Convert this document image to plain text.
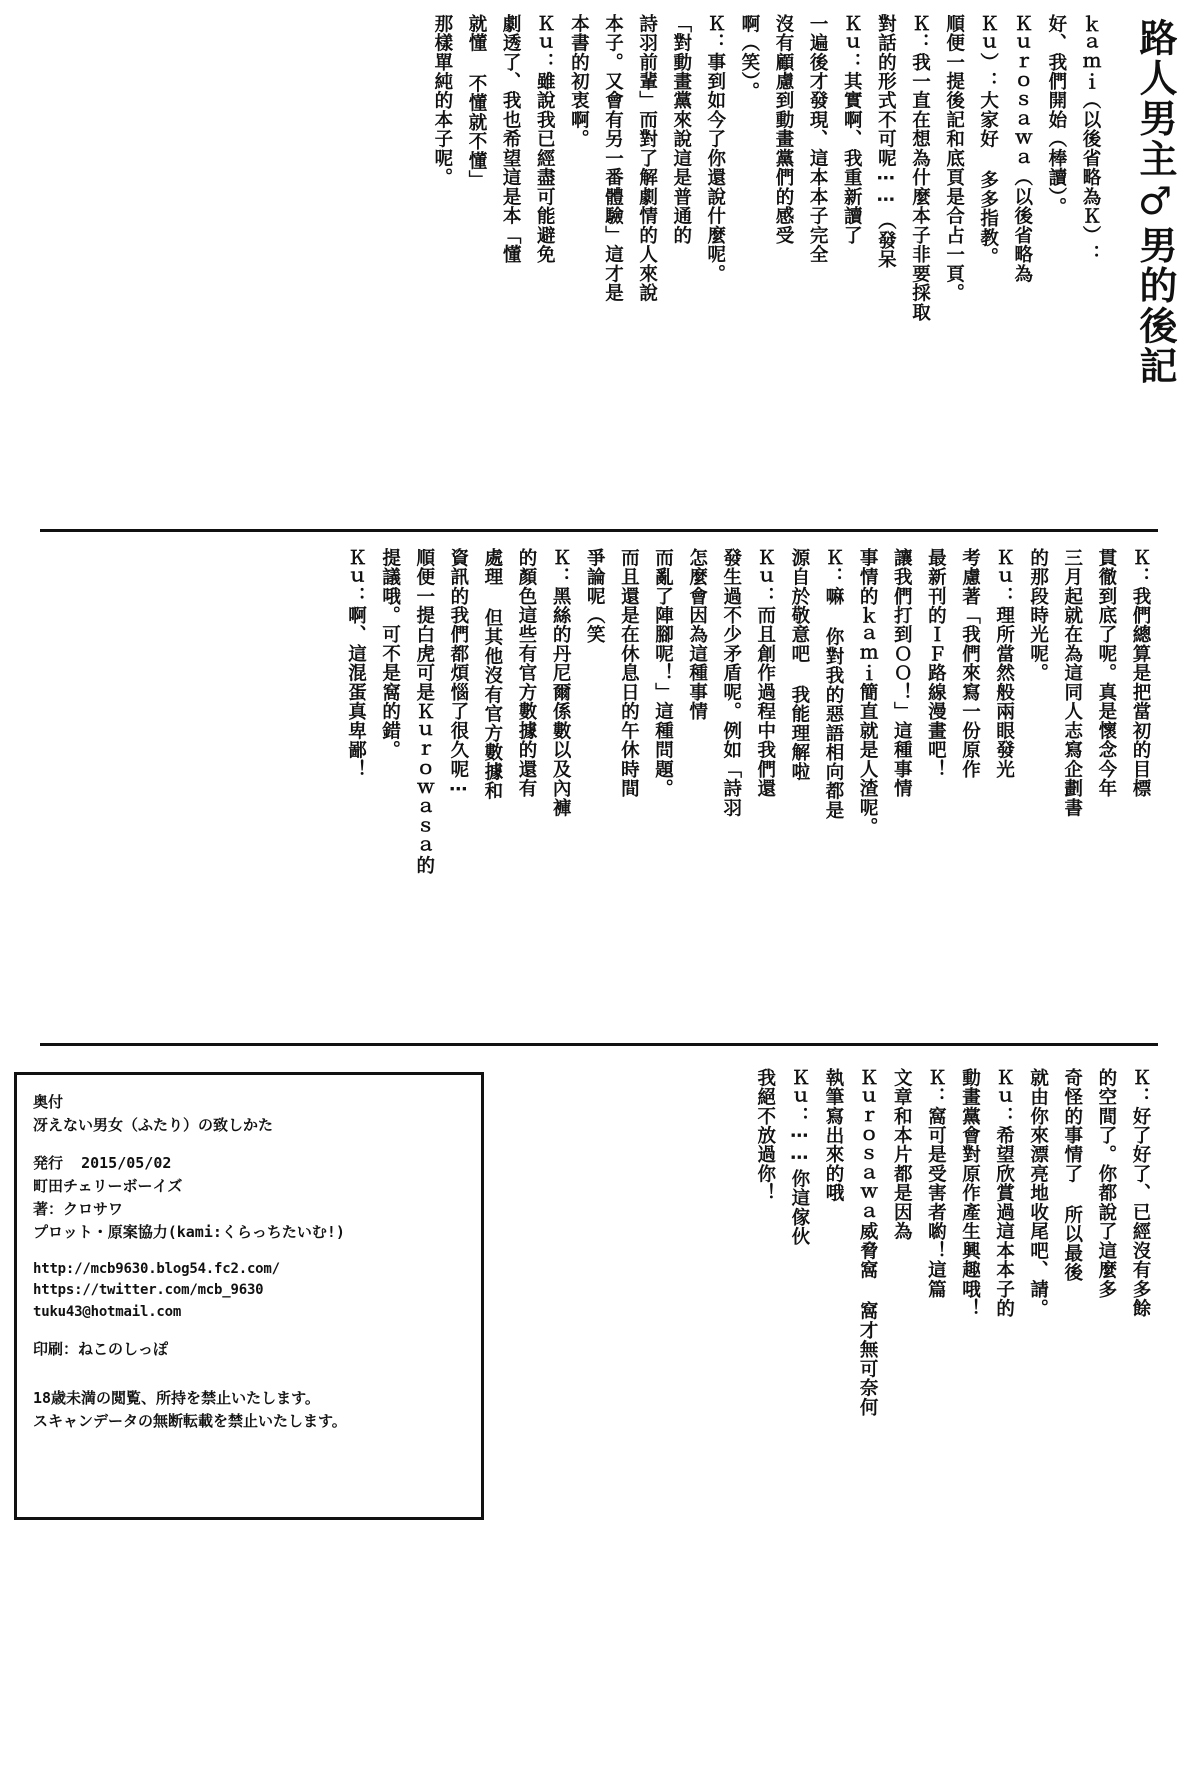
路人男主♂男的後記
ｋａｍｉ（以後省略為Ｋ）：
好、我們開始（棒讀）。
Ｋｕｒｏｓａｗａ（以後省略為
Ｋｕ）：大家好 多多指教。
順便一提後記和底頁是合占一頁。
Ｋ：我一直在想為什麼本子非要採取
對話的形式不可呢⋯⋯（發呆
Ｋｕ：其實啊、我重新讀了
一遍後才發現、這本本子完全
沒有顧慮到動畫黨們的感受
啊（笑）。
Ｋ：事到如今了你還說什麼呢。
「對動畫黨來說這是普通的
詩羽前輩」而對了解劇情的人來說
本子。又會有另一番體驗」這才是
本書的初衷啊。
Ｋｕ：雖說我已經盡可能避免
劇透了、我也希望這是本「懂
就懂 不懂就不懂」
那樣單純的本子呢。
Ｋ：我們總算是把當初的目標
貫徹到底了呢。真是懷念今年
三月起就在為這同人志寫企劃書
的那段時光呢。
Ｋｕ：理所當然般兩眼發光
考慮著「我們來寫一份原作
最新刊的ＩＦ路線漫畫吧！
讓我們打到ＯＯ！」這種事情
事情的ｋａｍｉ簡直就是人渣呢。
Ｋ：嘛 你對我的惡語相向都是
源自於敬意吧 我能理解啦
Ｋｕ：而且創作過程中我們還
發生過不少矛盾呢。例如「詩羽
怎麼會因為這種事情
而亂了陣腳呢！」這種問題。
而且還是在休息日的午休時間
爭論呢（笑
Ｋ：黑絲的丹尼爾係數以及內褲
的顏色這些有官方數據的還有
處理 但其他沒有官方數據和
資訊的我們都煩惱了很久呢⋯
順便一提白虎可是Ｋｕｒｏｗａｓａ的
提議哦。可不是窩的錯。
Ｋｕ：啊、這混蛋真卑鄙！
Ｋ：好了好了、已經沒有多餘
的空間了。你都說了這麼多
奇怪的事情了 所以最後
就由你來漂亮地收尾吧、請。
Ｋｕ：希望欣賞過這本本子的
動畫黨會對原作產生興趣哦！
Ｋ：窩可是受害者喲！這篇
文章和本片都是因為
Ｋｕｒｏｓａｗａ威脅窩 窩才無可奈何
執筆寫出來的哦
Ｋｕ：⋯⋯你這傢伙
我絕不放過你！
奥付
冴えない男女（ふたり）の致しかた
発行 2015/05/02
町田チェリーボーイズ
著：クロサワ
プロット・原案協力(kami:くらっちたいむ!)
http://mcb9630.blog54.fc2.com/
https://twitter.com/mcb_9630
tuku43@hotmail.com
印刷：ねこのしっぽ
18歳未満の閲覧、所持を禁止いたします。
スキャンデータの無断転載を禁止いたします。
